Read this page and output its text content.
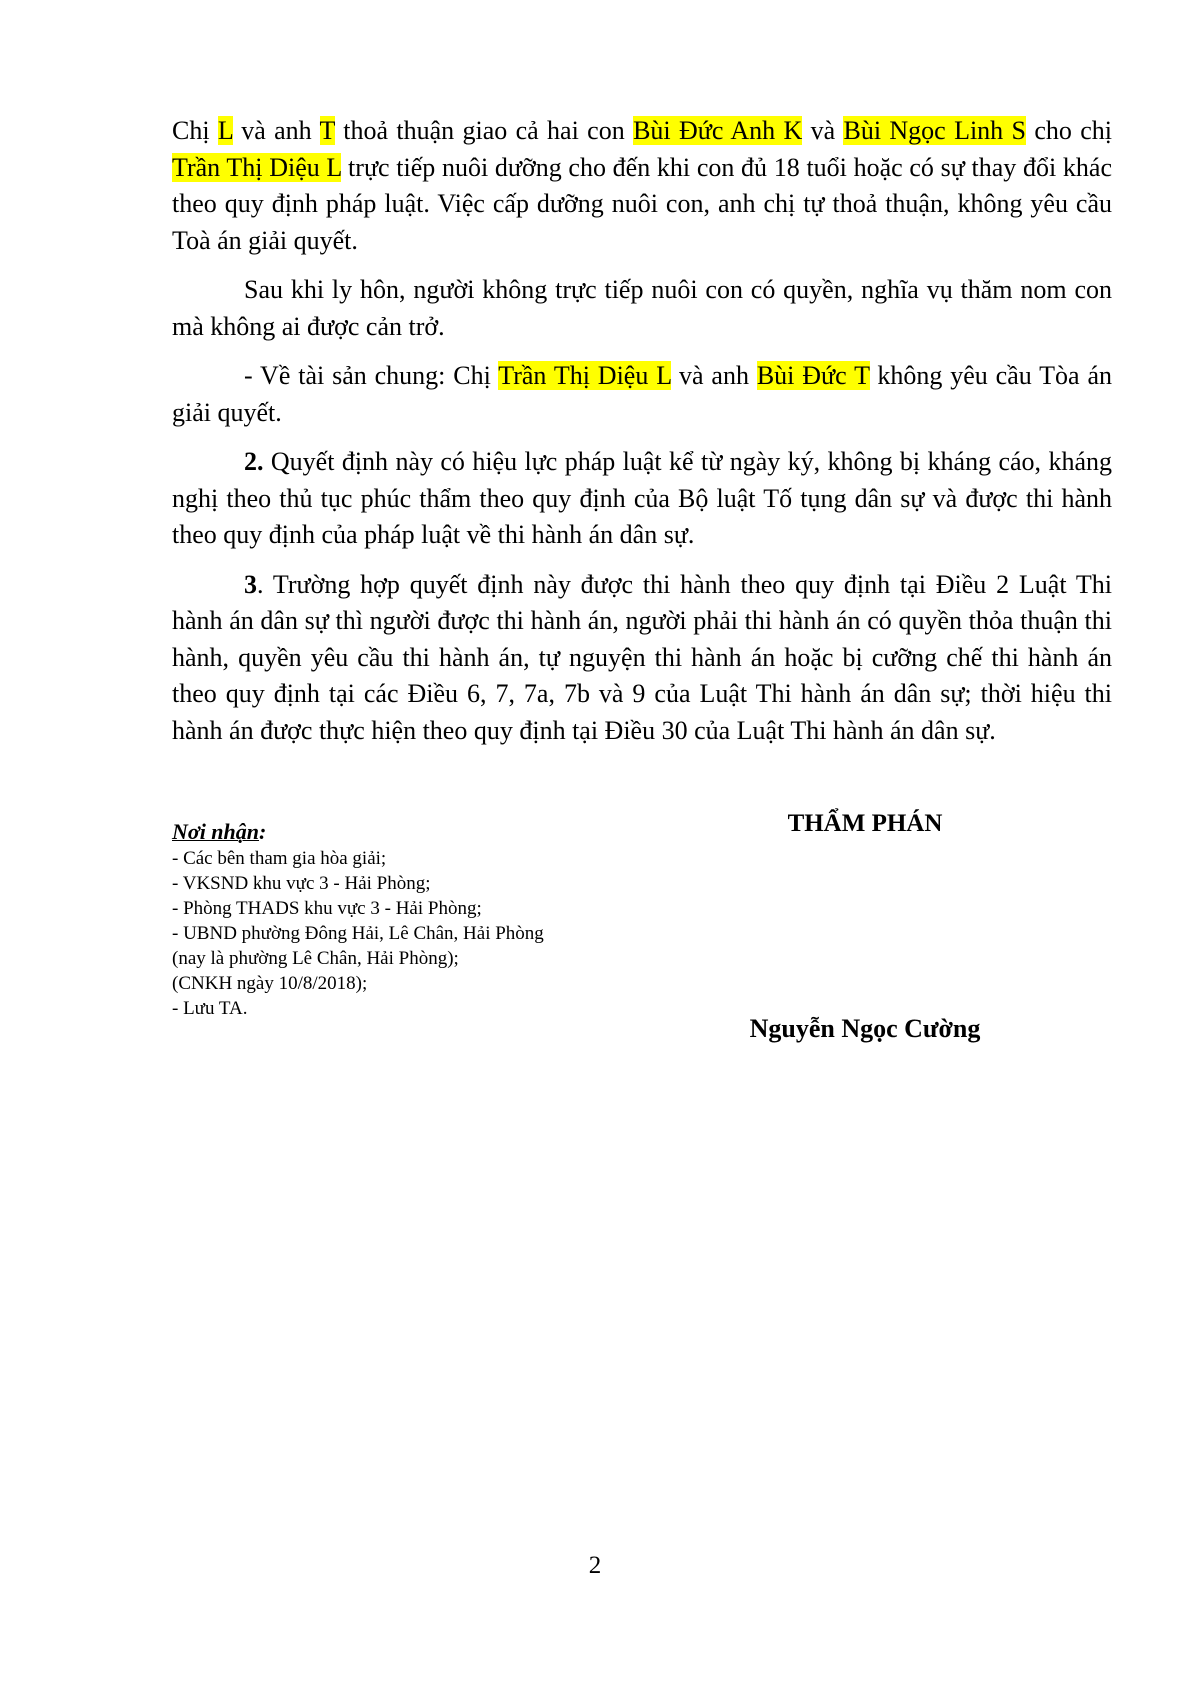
Chị L và anh T thoả thuận giao cả hai con Bùi Đức Anh K và Bùi Ngọc Linh S cho chị Trần Thị Diệu L trực tiếp nuôi dưỡng cho đến khi con đủ 18 tuổi hoặc có sự thay đổi khác theo quy định pháp luật. Việc cấp dưỡng nuôi con, anh chị tự thoả thuận, không yêu cầu Toà án giải quyết.

Sau khi ly hôn, người không trực tiếp nuôi con có quyền, nghĩa vụ thăm nom con mà không ai được cản trở.

- Về tài sản chung: Chị Trần Thị Diệu L và anh Bùi Đức T không yêu cầu Tòa án giải quyết.

2. Quyết định này có hiệu lực pháp luật kể từ ngày ký, không bị kháng cáo, kháng nghị theo thủ tục phúc thẩm theo quy định của Bộ luật Tố tụng dân sự và được thi hành theo quy định của pháp luật về thi hành án dân sự.

3. Trường hợp quyết định này được thi hành theo quy định tại Điều 2 Luật Thi hành án dân sự thì người được thi hành án, người phải thi hành án có quyền thỏa thuận thi hành, quyền yêu cầu thi hành án, tự nguyện thi hành án hoặc bị cưỡng chế thi hành án theo quy định tại các Điều 6, 7, 7a, 7b và 9 của Luật Thi hành án dân sự; thời hiệu thi hành án được thực hiện theo quy định tại Điều 30 của Luật Thi hành án dân sự.

Nơi nhận:
- Các bên tham gia hòa giải;
- VKSND khu vực 3 - Hải Phòng;
- Phòng THADS khu vực 3 - Hải Phòng;
- UBND phường Đông Hải, Lê Chân, Hải Phòng (nay là phường Lê Chân, Hải Phòng);
(CNKH ngày 10/8/2018);
- Lưu TA.
THẨM PHÁN
Nguyễn Ngọc Cường
2
